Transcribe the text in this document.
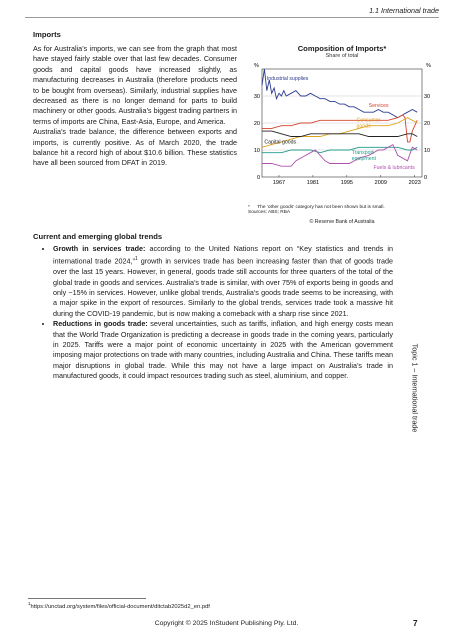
1.1 International trade
Imports

As for Australia’s imports, we can see from the graph that most have stayed fairly stable over that last few decades. Consumer goods and capital goods have increased slightly, as manufacturing decreases in Australia (therefore products need to be bought from overseas). Similarly, industrial supplies have decreased as there is no longer demand for parts to build machinery or other goods. Australia’s biggest trading partners in terms of imports are China, East-Asia, Europe, and America.

Australia’s trade balance, the difference between exports and imports, is currently positive. As of March 2020, the trade balance hit a record high of about $10.6 billion. These statistics have all been sourced from DFAT in 2019.

Composition of Imports*
Share of total
0	0
10	10
20	20
30	30
1967	1981	1995	2009	2023
Industrial supplies
Services
Consumer
goods
Capital goods
Transport
equipment
Fuels & lubricants
%	%
* The ‘other goods’ category has not been shown but is small.
Sources: ABS; RBA
© Reserve Bank of Australia
Current and emerging global trends
• Growth in services trade: according to the United Nations report on “Key statistics and trends in international trade 2024,”$^1$ growth in services trade has been increasing faster than that of goods trade over the last 15 years. However, in general, goods trade still accounts for three quarters of the total of the global trade in goods and services. Australia’s trade is similar, with over 75% of exports being in goods and only ~15% in services. However, unlike global trends, Australia’s goods trade seems to be increasing, with a major spike in the export of resources. Similarly to the global trends, services trade took a massive hit during the COVID-19 pandemic, but is now making a comeback with a sharp rise since 2021.
• Reductions in goods trade: several uncertainties, such as tariffs, inflation, and high energy costs mean that the World Trade Organization is predicting a decrease in goods trade in the coming years, particularly in 2025. Tariffs were a major point of economic uncertainty in 2025 with the American government imposing major protections on trade with many countries, including Australia and China. These tariffs mean major disruptions in global trade. While this may not have a large impact on Australia’s trade in manufactured goods, it could impact resources trading such as steel, aluminium, and copper.	Topic 1 – International trade
$^1$https://unctad.org/system/files/official-document/ditctab2025d2_en.pdf
Copyright © 2025 InStudent Publishing Pty. Ltd.	7
